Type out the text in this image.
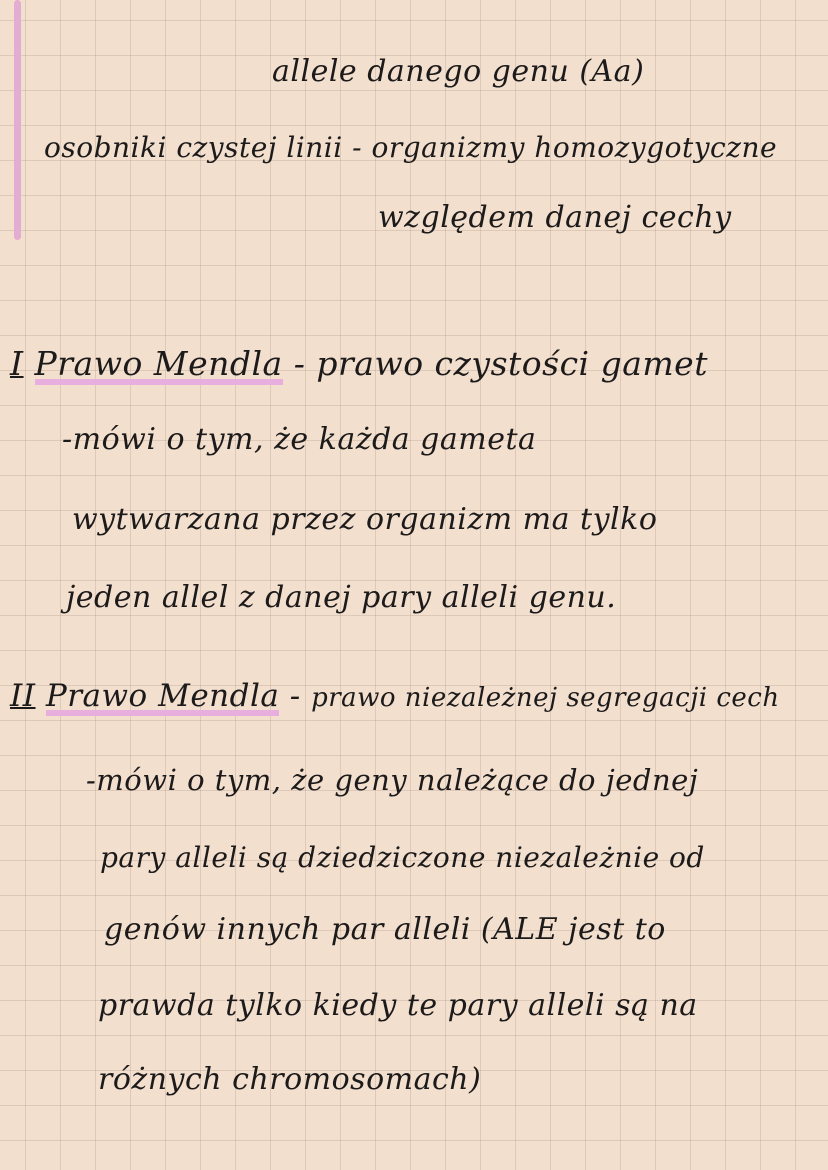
allele danego genu (Aa)

osobniki czystej linii - organizmy homozygotyczne

względem danej cechy

I Prawo Mendla - prawo czystości gamet

-mówi o tym, że każda gameta

wytwarzana przez organizm ma tylko

jeden allel z danej pary alleli genu.

II Prawo Mendla - prawo niezależnej segregacji cech

-mówi o tym, że geny należące do jednej

pary alleli są dziedziczone niezależnie od

genów innych par alleli (ALE jest to

prawda tylko kiedy te pary alleli są na

różnych chromosomach)
